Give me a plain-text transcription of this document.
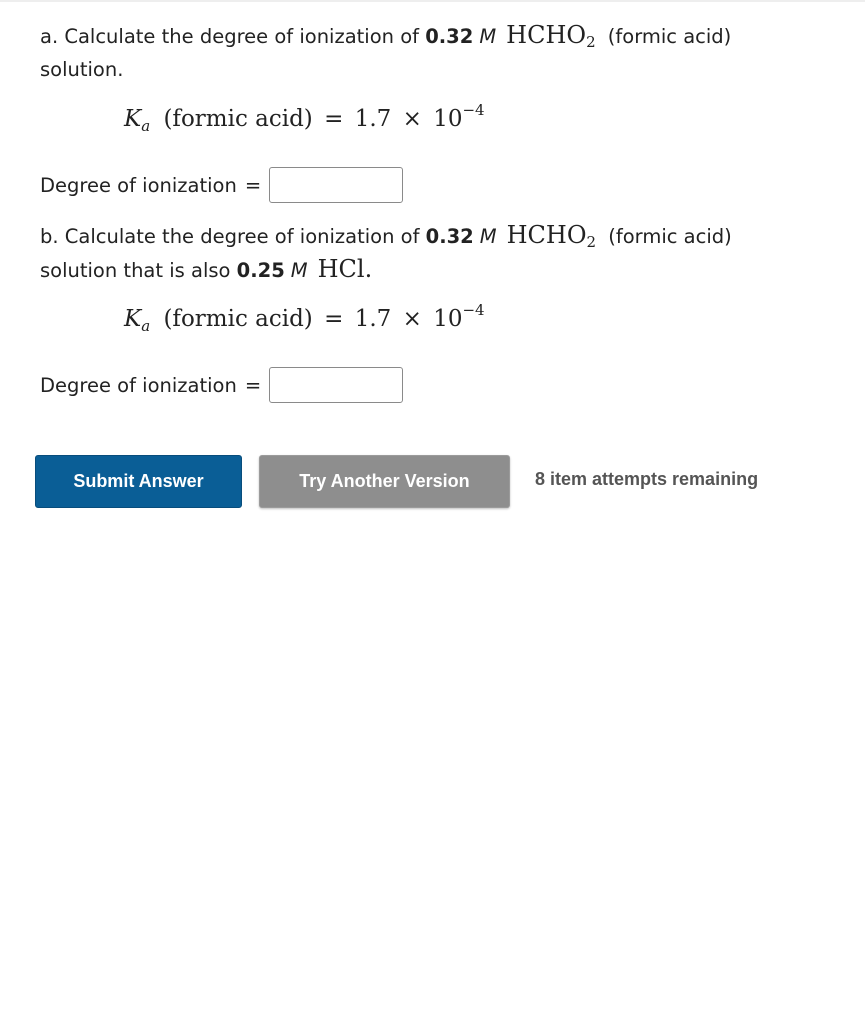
a. Calculate the degree of ionization of 0.32 M $HCHO_2$ (formic acid)
solution.
$K_a$ (formic acid) = $1.7 \times 10^{-4}$
Degree of ionization =
b. Calculate the degree of ionization of 0.32 M $HCHO_2$ (formic acid)
solution that is also 0.25 M HCl.
$K_a$ (formic acid) = $1.7 \times 10^{-4}$
Degree of ionization =
Submit Answer	Try Another Version	8 item attempts remaining
